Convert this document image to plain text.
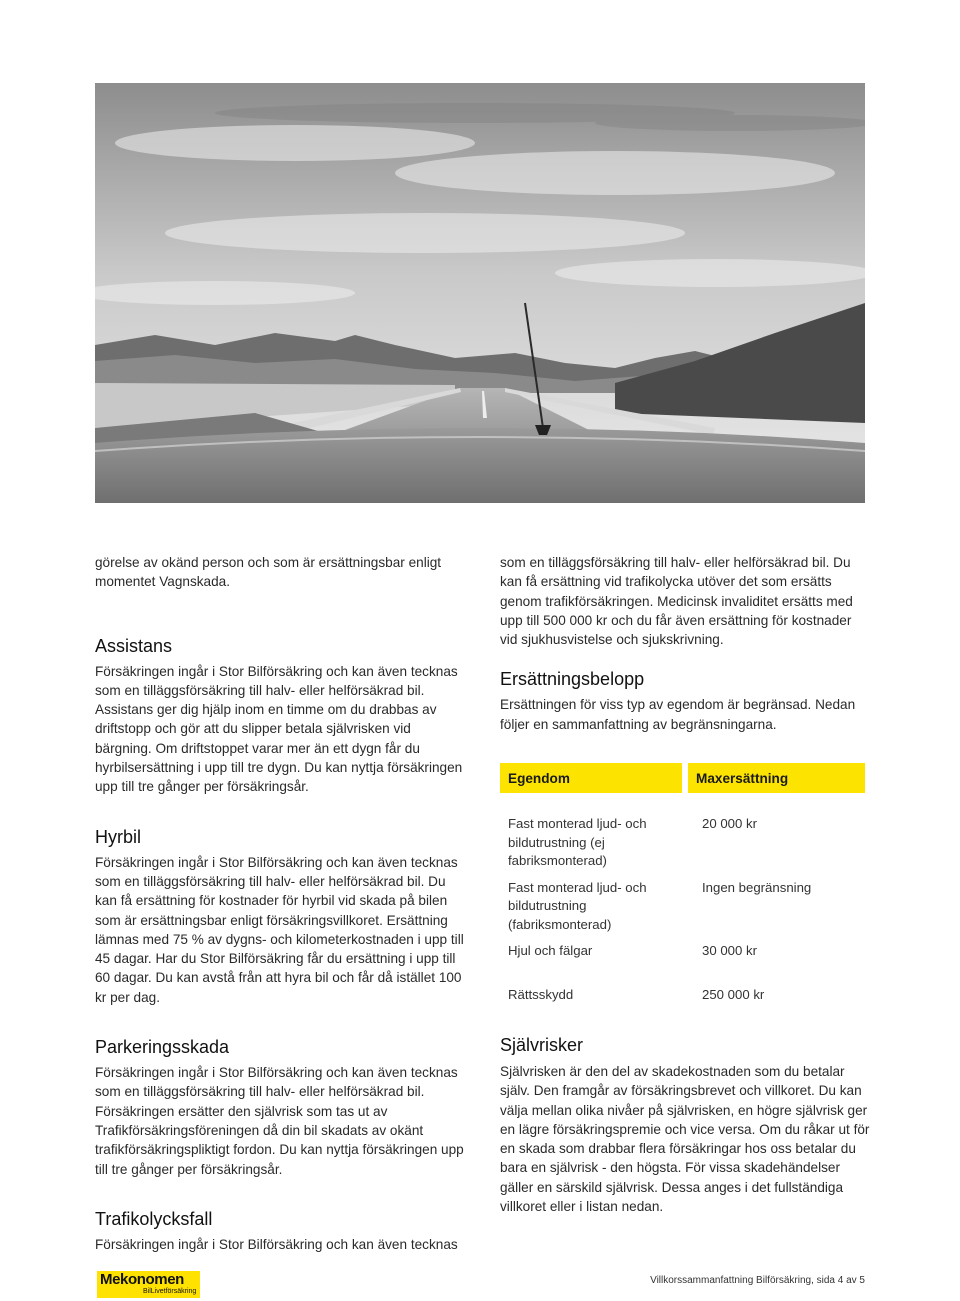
görelse av okänd person och som är ersättningsbar enligt momentet Vagnskada.

Assistans

Försäkringen ingår i Stor Bilförsäkring och kan även tecknas som en tilläggsförsäkring till halv- eller helförsäkrad bil. Assistans ger dig hjälp inom en timme om du drabbas av driftstopp och gör att du slipper betala självrisken vid bärgning. Om driftstoppet varar mer än ett dygn får du hyrbilsersättning i upp till tre dygn. Du kan nyttja försäkringen upp till tre gånger per försäkringsår.

Hyrbil

Försäkringen ingår i Stor Bilförsäkring och kan även tecknas som en tilläggsförsäkring till halv- eller helförsäkrad bil. Du kan få ersättning för kostnader för hyrbil vid skada på bilen som är ersättningsbar enligt försäkringsvillkoret. Ersättning lämnas med 75 % av dygns- och kilometerkostnaden i upp till 45 dagar. Har du Stor Bilförsäkring får du ersättning i upp till 60 dagar. Du kan avstå från att hyra bil och får då istället 100 kr per dag.

Parkeringsskada

Försäkringen ingår i Stor Bilförsäkring och kan även tecknas som en tilläggsförsäkring till halv- eller helförsäkrad bil. Försäkringen ersätter den självrisk som tas ut av Trafikförsäkringsföreningen då din bil skadats av okänt trafikförsäkringspliktigt fordon. Du kan nyttja försäkringen upp till tre gånger per försäkringsår.

Trafikolycksfall

Försäkringen ingår i Stor Bilförsäkring och kan även tecknas

som en tilläggsförsäkring till halv- eller helförsäkrad bil. Du kan få ersättning vid trafikolycka utöver det som ersätts genom trafikförsäkringen. Medicinsk invaliditet ersätts med upp till 500 000 kr och du får även ersättning för kostnader vid sjukhusvistelse och sjukskrivning.

Ersättningsbelopp

Ersättningen för viss typ av egendom är begränsad. Nedan följer en sammanfattning av begränsningarna.

Egendom	Maxersättning
Fast monterad ljud- och bildutrustning (ej fabriksmonterad)	20 000 kr
Fast monterad ljud- och bildutrustning (fabriksmonterad)	Ingen begränsning
Hjul och fälgar	30 000 kr
Rättsskydd	250 000 kr
Självrisker

Självrisken är den del av skadekostnaden som du betalar själv. Den framgår av försäkringsbrevet och villkoret. Du kan välja mellan olika nivåer på självrisken, en högre självrisk ger en lägre försäkringspremie och vice versa. Om du råkar ut för en skada som drabbar flera försäkringar hos oss betalar du bara en självrisk - den högsta. För vissa skadehändelser gäller en särskild självrisk. Dessa anges i det fullständiga villkoret eller i listan nedan.

Mekonomen
BilLivetförsäkring
Villkorssammanfattning Bilförsäkring, sida 4 av 5
